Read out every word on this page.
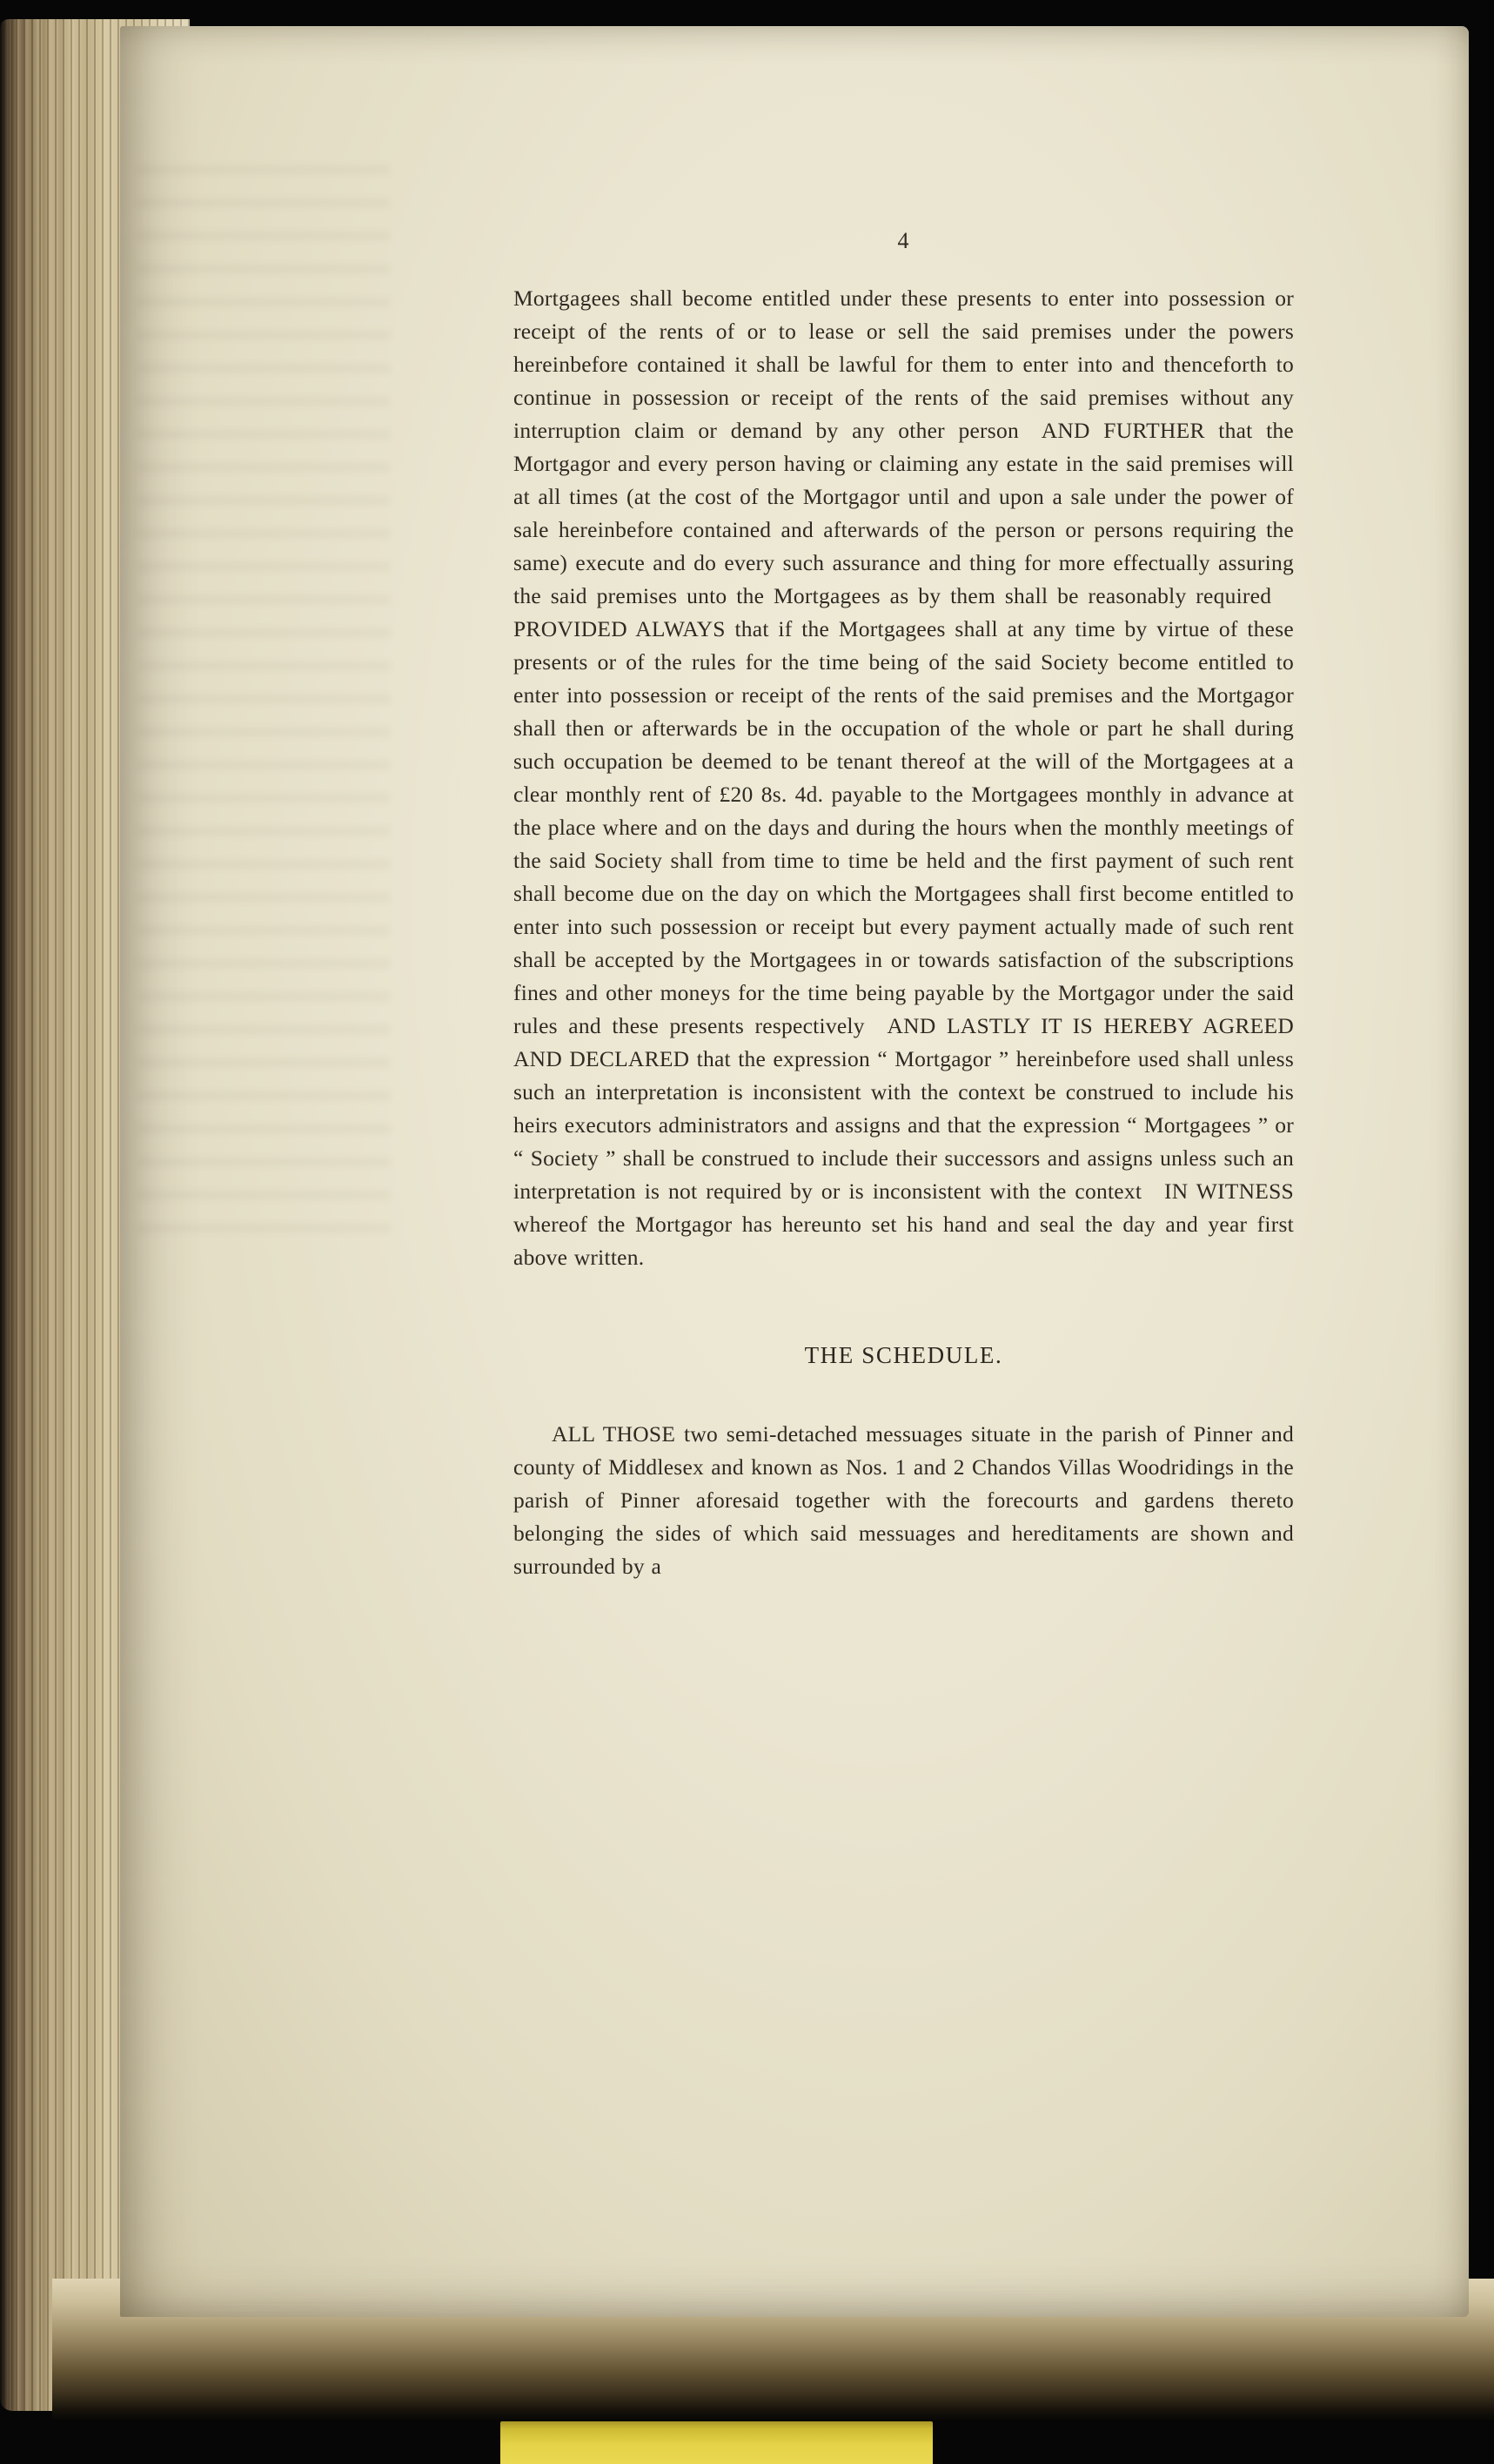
4

Mortgagees shall become entitled under these presents to enter into possession or receipt of the rents of or to lease or sell the said premises under the powers hereinbefore contained it shall be lawful for them to enter into and thenceforth to continue in possession or receipt of the rents of the said premises without any interruption claim or demand by any other person AND FURTHER that the Mortgagor and every person having or claiming any estate in the said premises will at all times (at the cost of the Mortgagor until and upon a sale under the power of sale hereinbefore contained and afterwards of the person or persons requiring the same) execute and do every such assurance and thing for more effectually assuring the said premises unto the Mortgagees as by them shall be reasonably required PROVIDED ALWAYS that if the Mortgagees shall at any time by virtue of these presents or of the rules for the time being of the said Society become entitled to enter into possession or receipt of the rents of the said premises and the Mortgagor shall then or afterwards be in the occupation of the whole or part he shall during such occupation be deemed to be tenant thereof at the will of the Mortgagees at a clear monthly rent of £20 8s. 4d. payable to the Mortgagees monthly in advance at the place where and on the days and during the hours when the monthly meetings of the said Society shall from time to time be held and the first payment of such rent shall become due on the day on which the Mortgagees shall first become entitled to enter into such possession or receipt but every payment actually made of such rent shall be accepted by the Mortgagees in or towards satisfaction of the subscriptions fines and other moneys for the time being payable by the Mortgagor under the said rules and these presents respectively AND LASTLY IT IS HEREBY AGREED AND DECLARED that the expression “ Mortgagor ” hereinbefore used shall unless such an interpretation is inconsistent with the context be construed to include his heirs executors administrators and assigns and that the expression “ Mortgagees ” or “ Society ” shall be construed to include their successors and assigns unless such an interpretation is not required by or is inconsistent with the context IN WITNESS whereof the Mortgagor has hereunto set his hand and seal the day and year first above written.

THE SCHEDULE.

ALL THOSE two semi-detached messuages situate in the parish of Pinner and county of Middlesex and known as Nos. 1 and 2 Chandos Villas Woodridings in the parish of Pinner aforesaid together with the forecourts and gardens thereto belonging the sides of which said messuages and hereditaments are shown and surrounded by a
